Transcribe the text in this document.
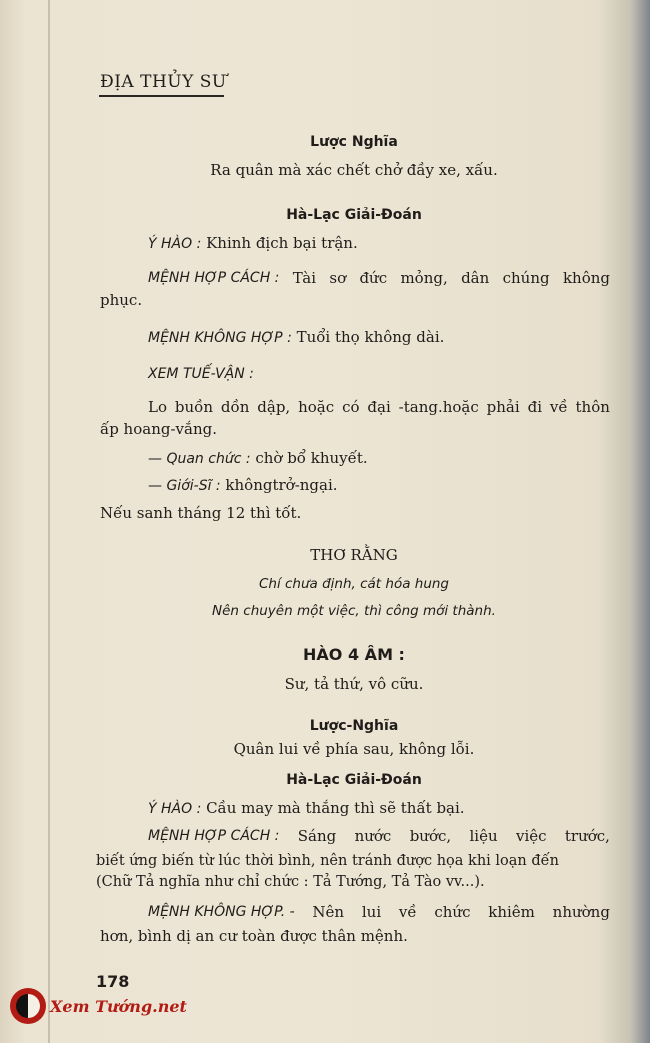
ĐỊA THỦY SƯ
Lược Nghĩa
Ra quân mà xác chết chở đầy xe, xấu.
Hà-Lạc Giải-Đoán
Ý HÀO : Khinh địch bại trận.
MỆNH HỢP CÁCH : Tài sơ đức mỏng, dân chúng không
phục.
MỆNH KHÔNG HỢP : Tuổi thọ không dài.
XEM TUẾ-VẬN :
Lo buồn dồn dập, hoặc có đại -tang.hoặc phải đi về thôn
ấp hoang-vắng.
— Quan chức : chờ bổ khuyết.
— Giới-Sĩ : khôngtrở-ngại.
Nếu sanh tháng 12 thì tốt.
THƠ RẰNG
Chí chưa định, cát hóa hung
Nên chuyên một việc, thì công mới thành.
HÀO 4 ÂM :
Sư, tả thứ, vô cữu.
Lược-Nghĩa
Quân lui về phía sau, không lỗi.
Hà-Lạc Giải-Đoán
Ý HÀO : Cầu may mà thắng thì sẽ thất bại.
MỆNH HỢP CÁCH : Sáng nước bước, liệu việc trước,
biết ứng biến từ lúc thời bình, nên tránh được họa khi loạn đến
(Chữ Tả nghĩa như chỉ chức : Tả Tướng, Tả Tào vv...).
MỆNH KHÔNG HỢP. - Nên lui về chức khiêm nhường
hơn, bình dị an cư toàn được thân mệnh.
178
Xem Tướng.net
